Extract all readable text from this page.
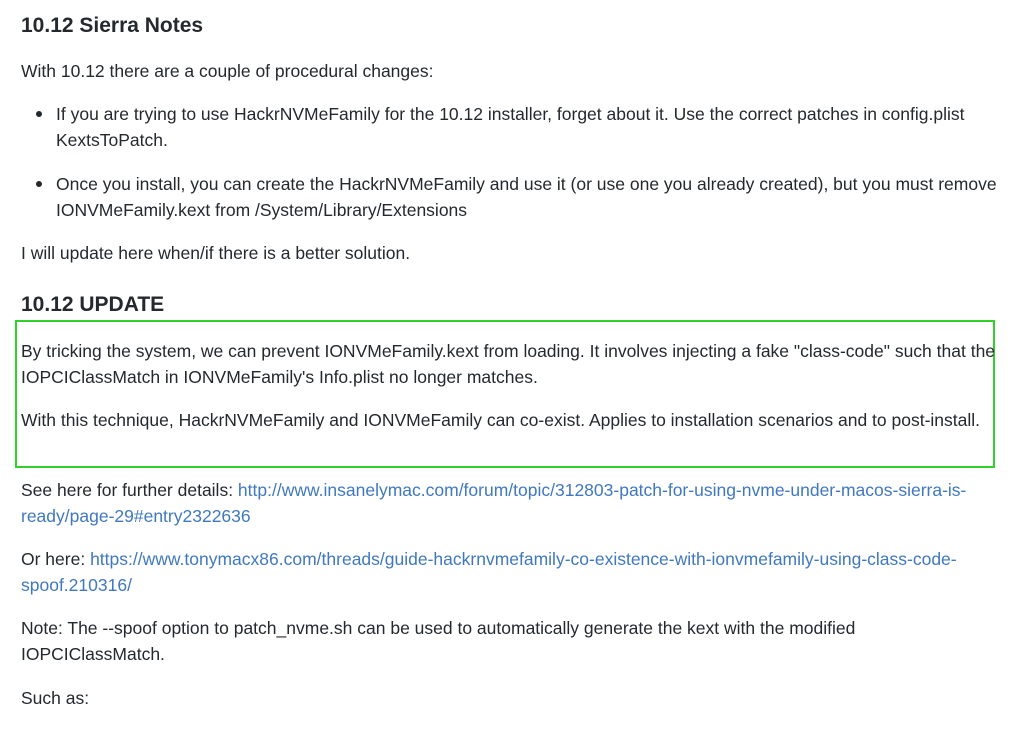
10.12 Sierra Notes

With 10.12 there are a couple of procedural changes:

If you are trying to use HackrNVMeFamily for the 10.12 installer, forget about it. Use the correct patches in config.plist KextsToPatch.
Once you install, you can create the HackrNVMeFamily and use it (or use one you already created), but you must remove IONVMeFamily.kext from /System/Library/Extensions

I will update here when/if there is a better solution.

10.12 UPDATE

By tricking the system, we can prevent IONVMeFamily.kext from loading. It involves injecting a fake "class-code" such that the IOPCIClassMatch in IONVMeFamily's Info.plist no longer matches.

With this technique, HackrNVMeFamily and IONVMeFamily can co-exist. Applies to installation scenarios and to post-install.

See here for further details: http://www.insanelymac.com/forum/topic/312803-patch-for-using-nvme-under-macos-sierra-is-ready/page-29#entry2322636

Or here: https://www.tonymacx86.com/threads/guide-hackrnvmefamily-co-existence-with-ionvmefamily-using-class-code-spoof.210316/

Note: The --spoof option to patch_nvme.sh can be used to automatically generate the kext with the modified IOPCIClassMatch.

Such as:
